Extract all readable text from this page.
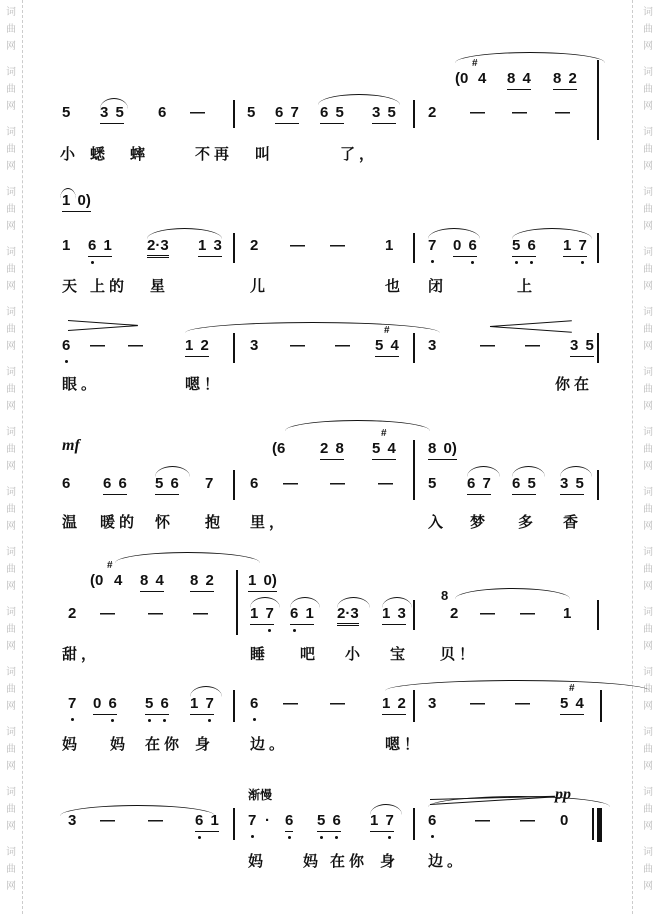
词
曲
网
词
曲
网
词
曲
网
词
曲
网
词
曲
网
词
曲
网
词
曲
网
词
曲
网
词
曲
网
词
曲
网
词
曲
网
词
曲
网
词
曲
网
词
曲
网
词
曲
网
词
曲
网
词
曲
网
词
曲
网
词
曲
网
词
曲
网
词
曲
网
词
曲
网
词
曲
网
词
曲
网
词
曲
网
词
曲
网
词
曲
网
词
曲
网
词
曲
网
词
曲
网
(0
#
4 8 4 8 2
5 3 5 6 —	5 6 7 6 5 3 5 2 — — —
小 蟋 蟀	不再 叫	了，
1 0)
1 6 1 2·3 1 3 2 — —	1 7 0 6 5 6 1 7
天 上的 星	儿	也 闭	上
6 — —	1 2	3 — — 5 4
#
3	— — 3 5
眼。	嗯！	你在
(6 2 8 5 4
#
8 0)
6 6 6 5 6 7 6 — — — 5 6 7 6 5 3 5
温 暖的 怀 抱 里，	入 梦 多 香
(0
#
4 8 4 8 2 1 0)
2 — — —	1 7 6 1 2·3 1 3
8
2 — — 1
甜，	睡 吧 小 宝 贝！
7 0 6 5 6 1 7 6 — — 1 2 3 — — 5 4
#
妈 妈 在你 身 边。	嗯！
3 — — 6 1 7 · 6 5 6 1 7 6	— — 0
妈 妈 在你 身 边。
mf
渐慢	pp
